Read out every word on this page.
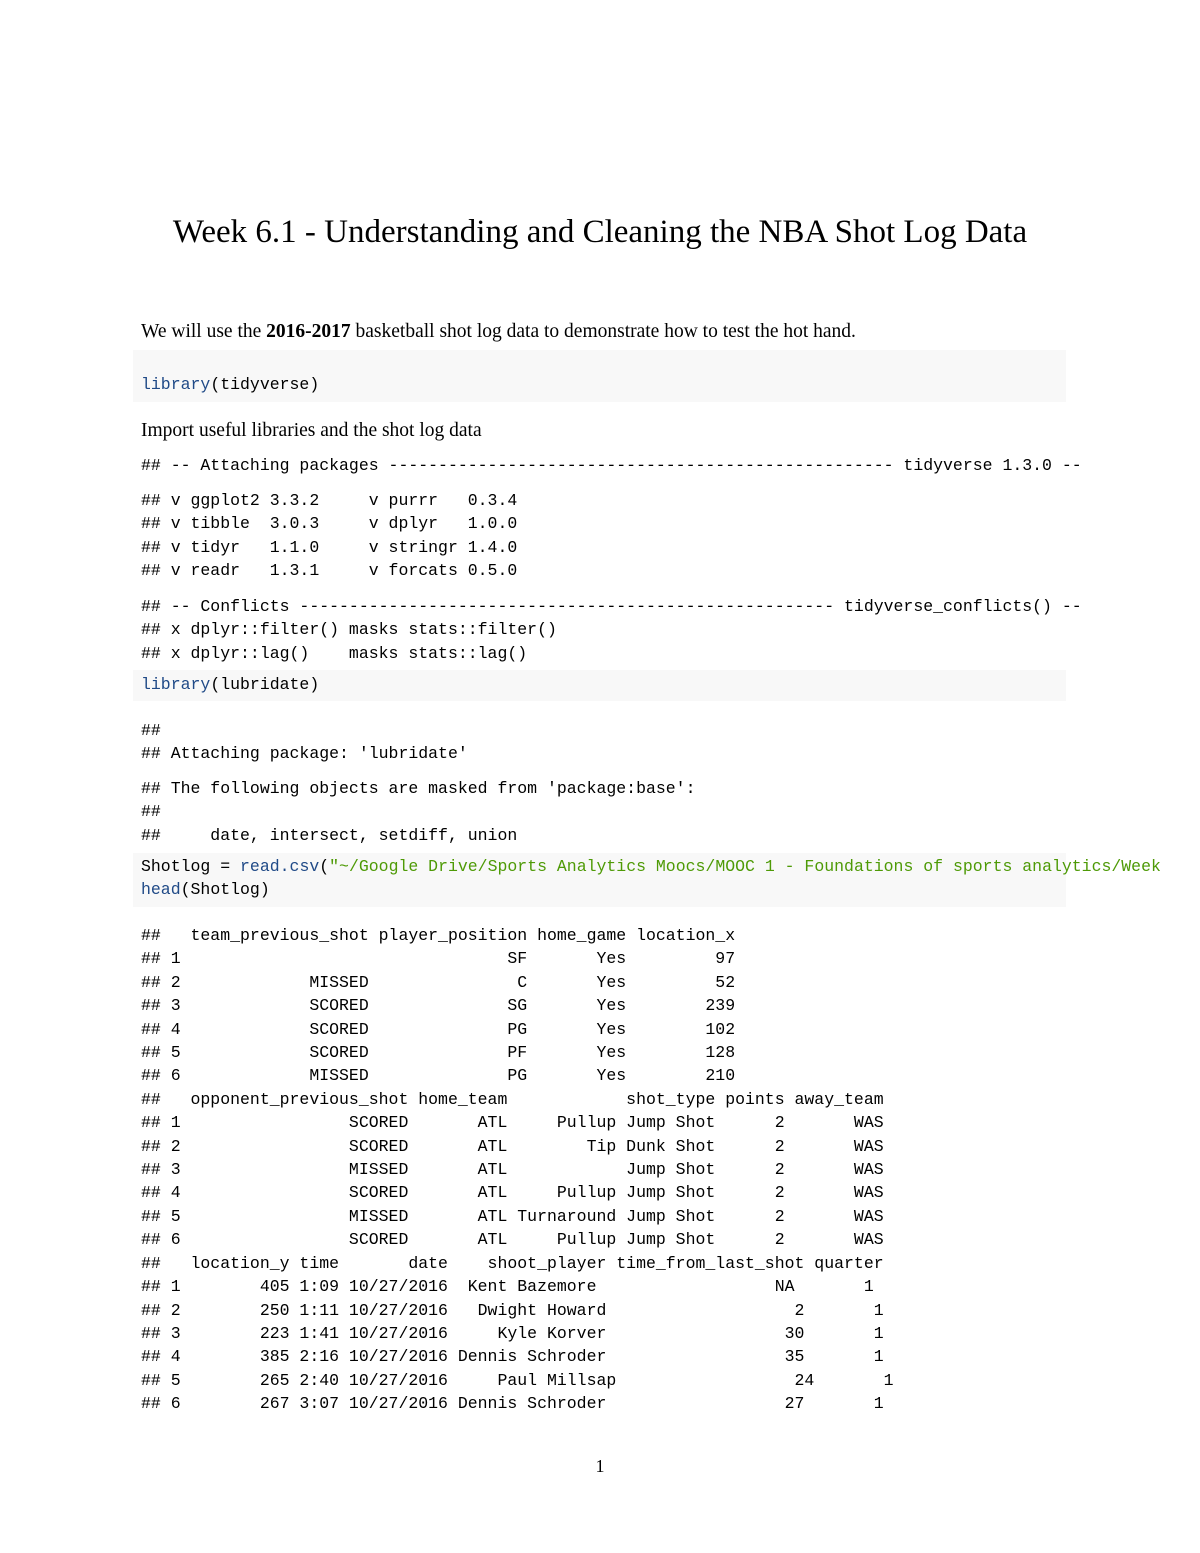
Week 6.1 - Understanding and Cleaning the NBA Shot Log Data
We will use the 2016-2017 basketball shot log data to demonstrate how to test the hot hand.
library(tidyverse)
Import useful libraries and the shot log data
## -- Attaching packages --------------------------------------------------- tidyverse 1.3.0 --
## v ggplot2 3.3.2     v purrr   0.3.4
## v tibble  3.0.3     v dplyr   1.0.0
## v tidyr   1.1.0     v stringr 1.4.0
## v readr   1.3.1     v forcats 0.5.0
## -- Conflicts ------------------------------------------------------ tidyverse_conflicts() --
## x dplyr::filter() masks stats::filter()
## x dplyr::lag()    masks stats::lag()
library(lubridate)
##
## Attaching package: 'lubridate'
## The following objects are masked from 'package:base':
##
##     date, intersect, setdiff, union
Shotlog = read.csv("~/Google Drive/Sports Analytics Moocs/MOOC 1 - Foundations of sports analytics/Week
head(Shotlog)
##   team_previous_shot player_position home_game location_x
## 1                                 SF       Yes         97
## 2             MISSED               C       Yes         52
## 3             SCORED              SG       Yes        239
## 4             SCORED              PG       Yes        102
## 5             SCORED              PF       Yes        128
## 6             MISSED              PG       Yes        210
##   opponent_previous_shot home_team            shot_type points away_team
## 1                 SCORED       ATL     Pullup Jump Shot      2       WAS
## 2                 SCORED       ATL        Tip Dunk Shot      2       WAS
## 3                 MISSED       ATL            Jump Shot      2       WAS
## 4                 SCORED       ATL     Pullup Jump Shot      2       WAS
## 5                 MISSED       ATL Turnaround Jump Shot      2       WAS
## 6                 SCORED       ATL     Pullup Jump Shot      2       WAS
##   location_y time       date    shoot_player time_from_last_shot quarter
## 1        405 1:09 10/27/2016  Kent Bazemore                  NA       1
## 2        250 1:11 10/27/2016   Dwight Howard                   2       1
## 3        223 1:41 10/27/2016     Kyle Korver                  30       1
## 4        385 2:16 10/27/2016 Dennis Schroder                  35       1
## 5        265 2:40 10/27/2016     Paul Millsap                  24       1
## 6        267 3:07 10/27/2016 Dennis Schroder                  27       1
1
